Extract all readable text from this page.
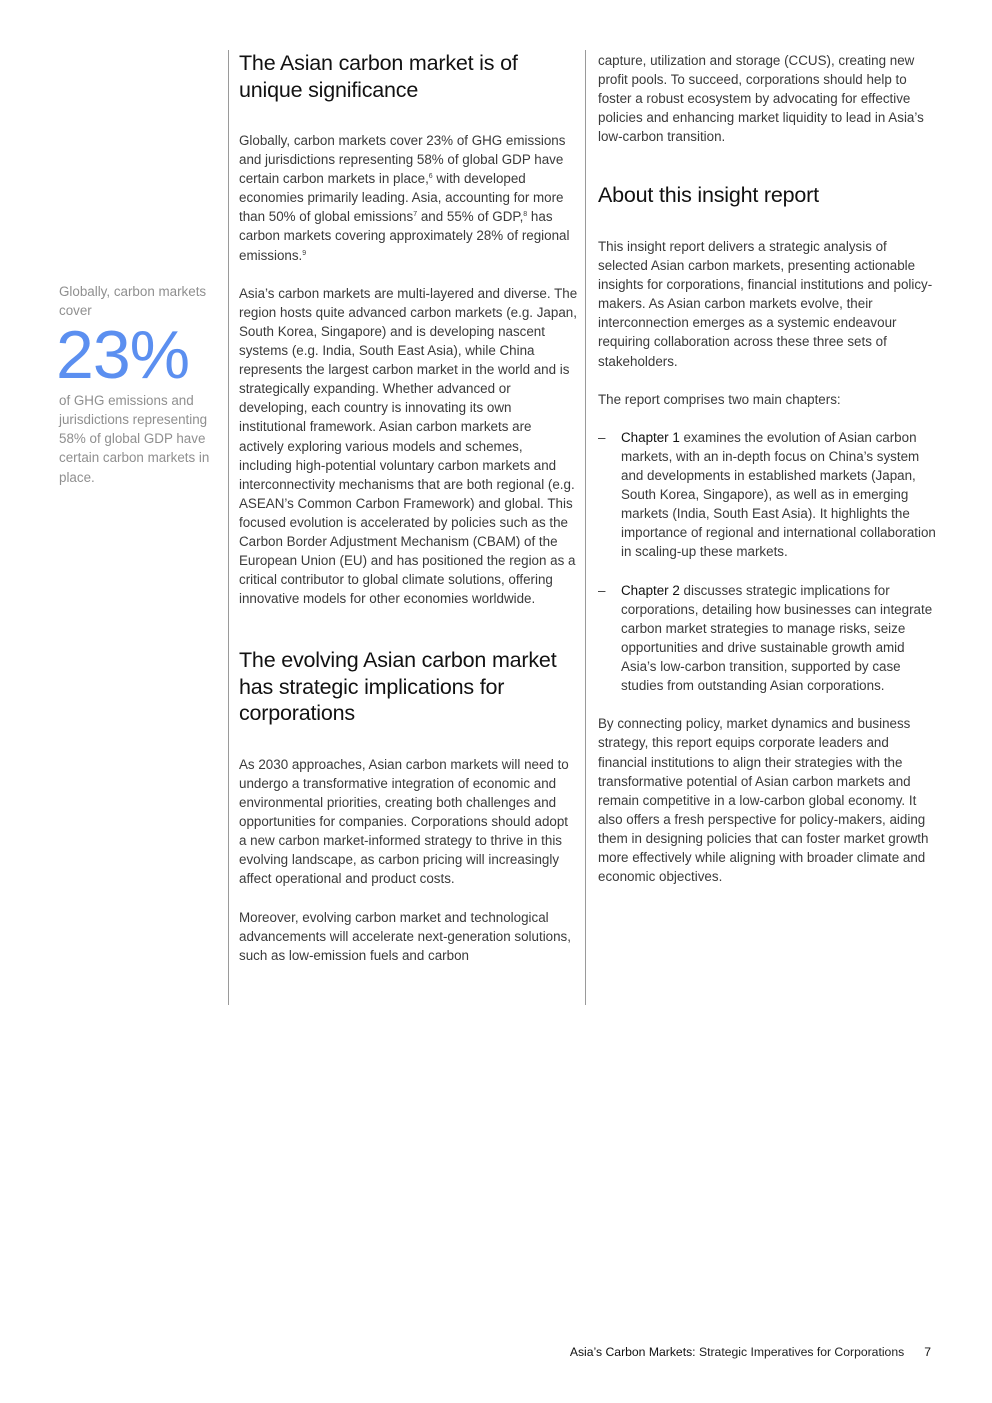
Globally, carbon markets cover
23%
of GHG emissions and jurisdictions representing 58% of global GDP have certain carbon markets in place.
The Asian carbon market is of unique significance

Globally, carbon markets cover 23% of GHG emissions and jurisdictions representing 58% of global GDP have certain carbon markets in place,$^6$ with developed economies primarily leading. Asia, accounting for more than 50% of global emissions$^7$ and 55% of GDP,$^8$ has carbon markets covering approximately 28% of regional emissions.$^9$

Asia’s carbon markets are multi-layered and diverse. The region hosts quite advanced carbon markets (e.g. Japan, South Korea, Singapore) and is developing nascent systems (e.g. India, South East Asia), while China represents the largest carbon market in the world and is strategically expanding. Whether advanced or developing, each country is innovating its own institutional framework. Asian carbon markets are actively exploring various models and schemes, including high-potential voluntary carbon markets and interconnectivity mechanisms that are both regional (e.g. ASEAN’s Common Carbon Framework) and global. This focused evolution is accelerated by policies such as the Carbon Border Adjustment Mechanism (CBAM) of the European Union (EU) and has positioned the region as a critical contributor to global climate solutions, offering innovative models for other economies worldwide.

The evolving Asian carbon market has strategic implications for corporations

As 2030 approaches, Asian carbon markets will need to undergo a transformative integration of economic and environmental priorities, creating both challenges and opportunities for companies. Corporations should adopt a new carbon market-informed strategy to thrive in this evolving landscape, as carbon pricing will increasingly affect operational and product costs.

Moreover, evolving carbon market and technological advancements will accelerate next-generation solutions, such as low-emission fuels and carbon

capture, utilization and storage (CCUS), creating new profit pools. To succeed, corporations should help to foster a robust ecosystem by advocating for effective policies and enhancing market liquidity to lead in Asia’s low-carbon transition.

About this insight report

This insight report delivers a strategic analysis of selected Asian carbon markets, presenting actionable insights for corporations, financial institutions and policy-makers. As Asian carbon markets evolve, their interconnection emerges as a systemic endeavour requiring collaboration across these three sets of stakeholders.

The report comprises two main chapters:

– Chapter 1 examines the evolution of Asian carbon markets, with an in-depth focus on China’s system and developments in established markets (Japan, South Korea, Singapore), as well as in emerging markets (India, South East Asia). It highlights the importance of regional and international collaboration in scaling-up these markets.
– Chapter 2 discusses strategic implications for corporations, detailing how businesses can integrate carbon market strategies to manage risks, seize opportunities and drive sustainable growth amid Asia’s low-carbon transition, supported by case studies from outstanding Asian corporations.

By connecting policy, market dynamics and business strategy, this report equips corporate leaders and financial institutions to align their strategies with the transformative potential of Asian carbon markets and remain competitive in a low-carbon global economy. It also offers a fresh perspective for policy-makers, aiding them in designing policies that can foster market growth more effectively while aligning with broader climate and economic objectives.

Asia’s Carbon Markets: Strategic Imperatives for Corporations 7
